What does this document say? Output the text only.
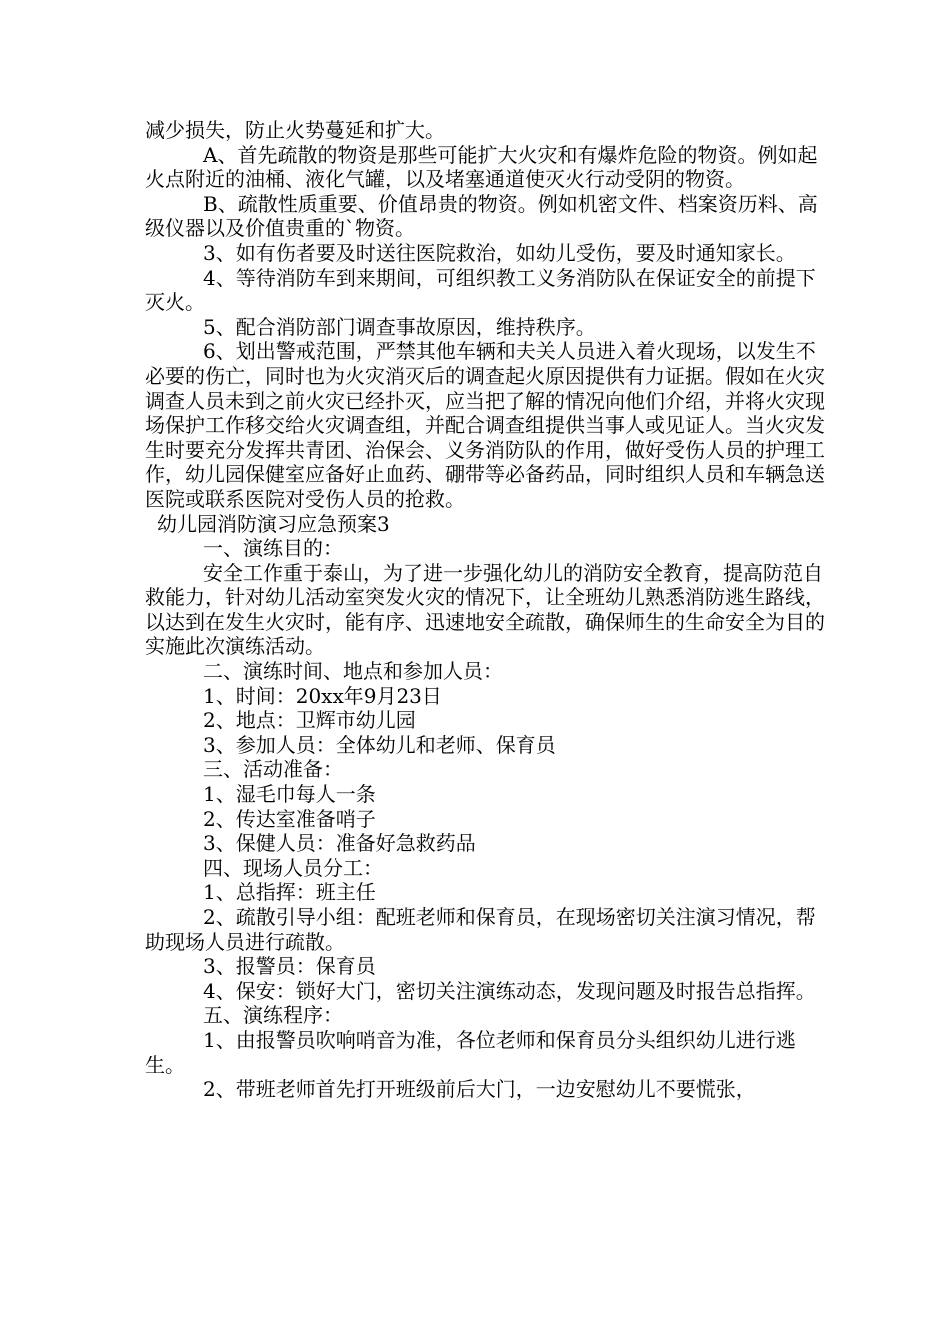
减少损失，防止火势蔓延和扩大。

A、首先疏散的物资是那些可能扩大火灾和有爆炸危险的物资。例如起火点附近的油桶、液化气罐，以及堵塞通道使灭火行动受阴的物资。

B、疏散性质重要、价值昂贵的物资。例如机密文件、档案资历料、高级仪器以及价值贵重的`物资。

3、如有伤者要及时送往医院救治，如幼儿受伤，要及时通知家长。

4、等待消防车到来期间，可组织教工义务消防队在保证安全的前提下灭火。

5、配合消防部门调查事故原因，维持秩序。

6、划出警戒范围，严禁其他车辆和夫关人员进入着火现场，以发生不必要的伤亡，同时也为火灾消灭后的调查起火原因提供有力证据。假如在火灾调查人员未到之前火灾已经扑灭，应当把了解的情况向他们介绍，并将火灾现场保护工作移交给火灾调查组，并配合调查组提供当事人或见证人。当火灾发生时要充分发挥共青团、治保会、义务消防队的作用，做好受伤人员的护理工作，幼儿园保健室应备好止血药、硼带等必备药品，同时组织人员和车辆急送医院或联系医院对受伤人员的抢救。

幼儿园消防演习应急预案3

一、演练目的：

安全工作重于泰山，为了进一步强化幼儿的消防安全教育，提高防范自救能力，针对幼儿活动室突发火灾的情况下，让全班幼儿熟悉消防逃生路线，以达到在发生火灾时，能有序、迅速地安全疏散，确保师生的生命安全为目的实施此次演练活动。

二、演练时间、地点和参加人员：

1、时间：20xx年9月23日

2、地点：卫辉市幼儿园

3、参加人员：全体幼儿和老师、保育员

三、活动准备：

1、湿毛巾每人一条

2、传达室准备哨子

3、保健人员：准备好急救药品

四、现场人员分工：

1、总指挥：班主任

2、疏散引导小组：配班老师和保育员，在现场密切关注演习情况，帮助现场人员进行疏散。

3、报警员：保育员

4、保安：锁好大门，密切关注演练动态，发现问题及时报告总指挥。

五、演练程序：

1、由报警员吹响哨音为准，各位老师和保育员分头组织幼儿进行逃生。

2、带班老师首先打开班级前后大门，一边安慰幼儿不要慌张，
